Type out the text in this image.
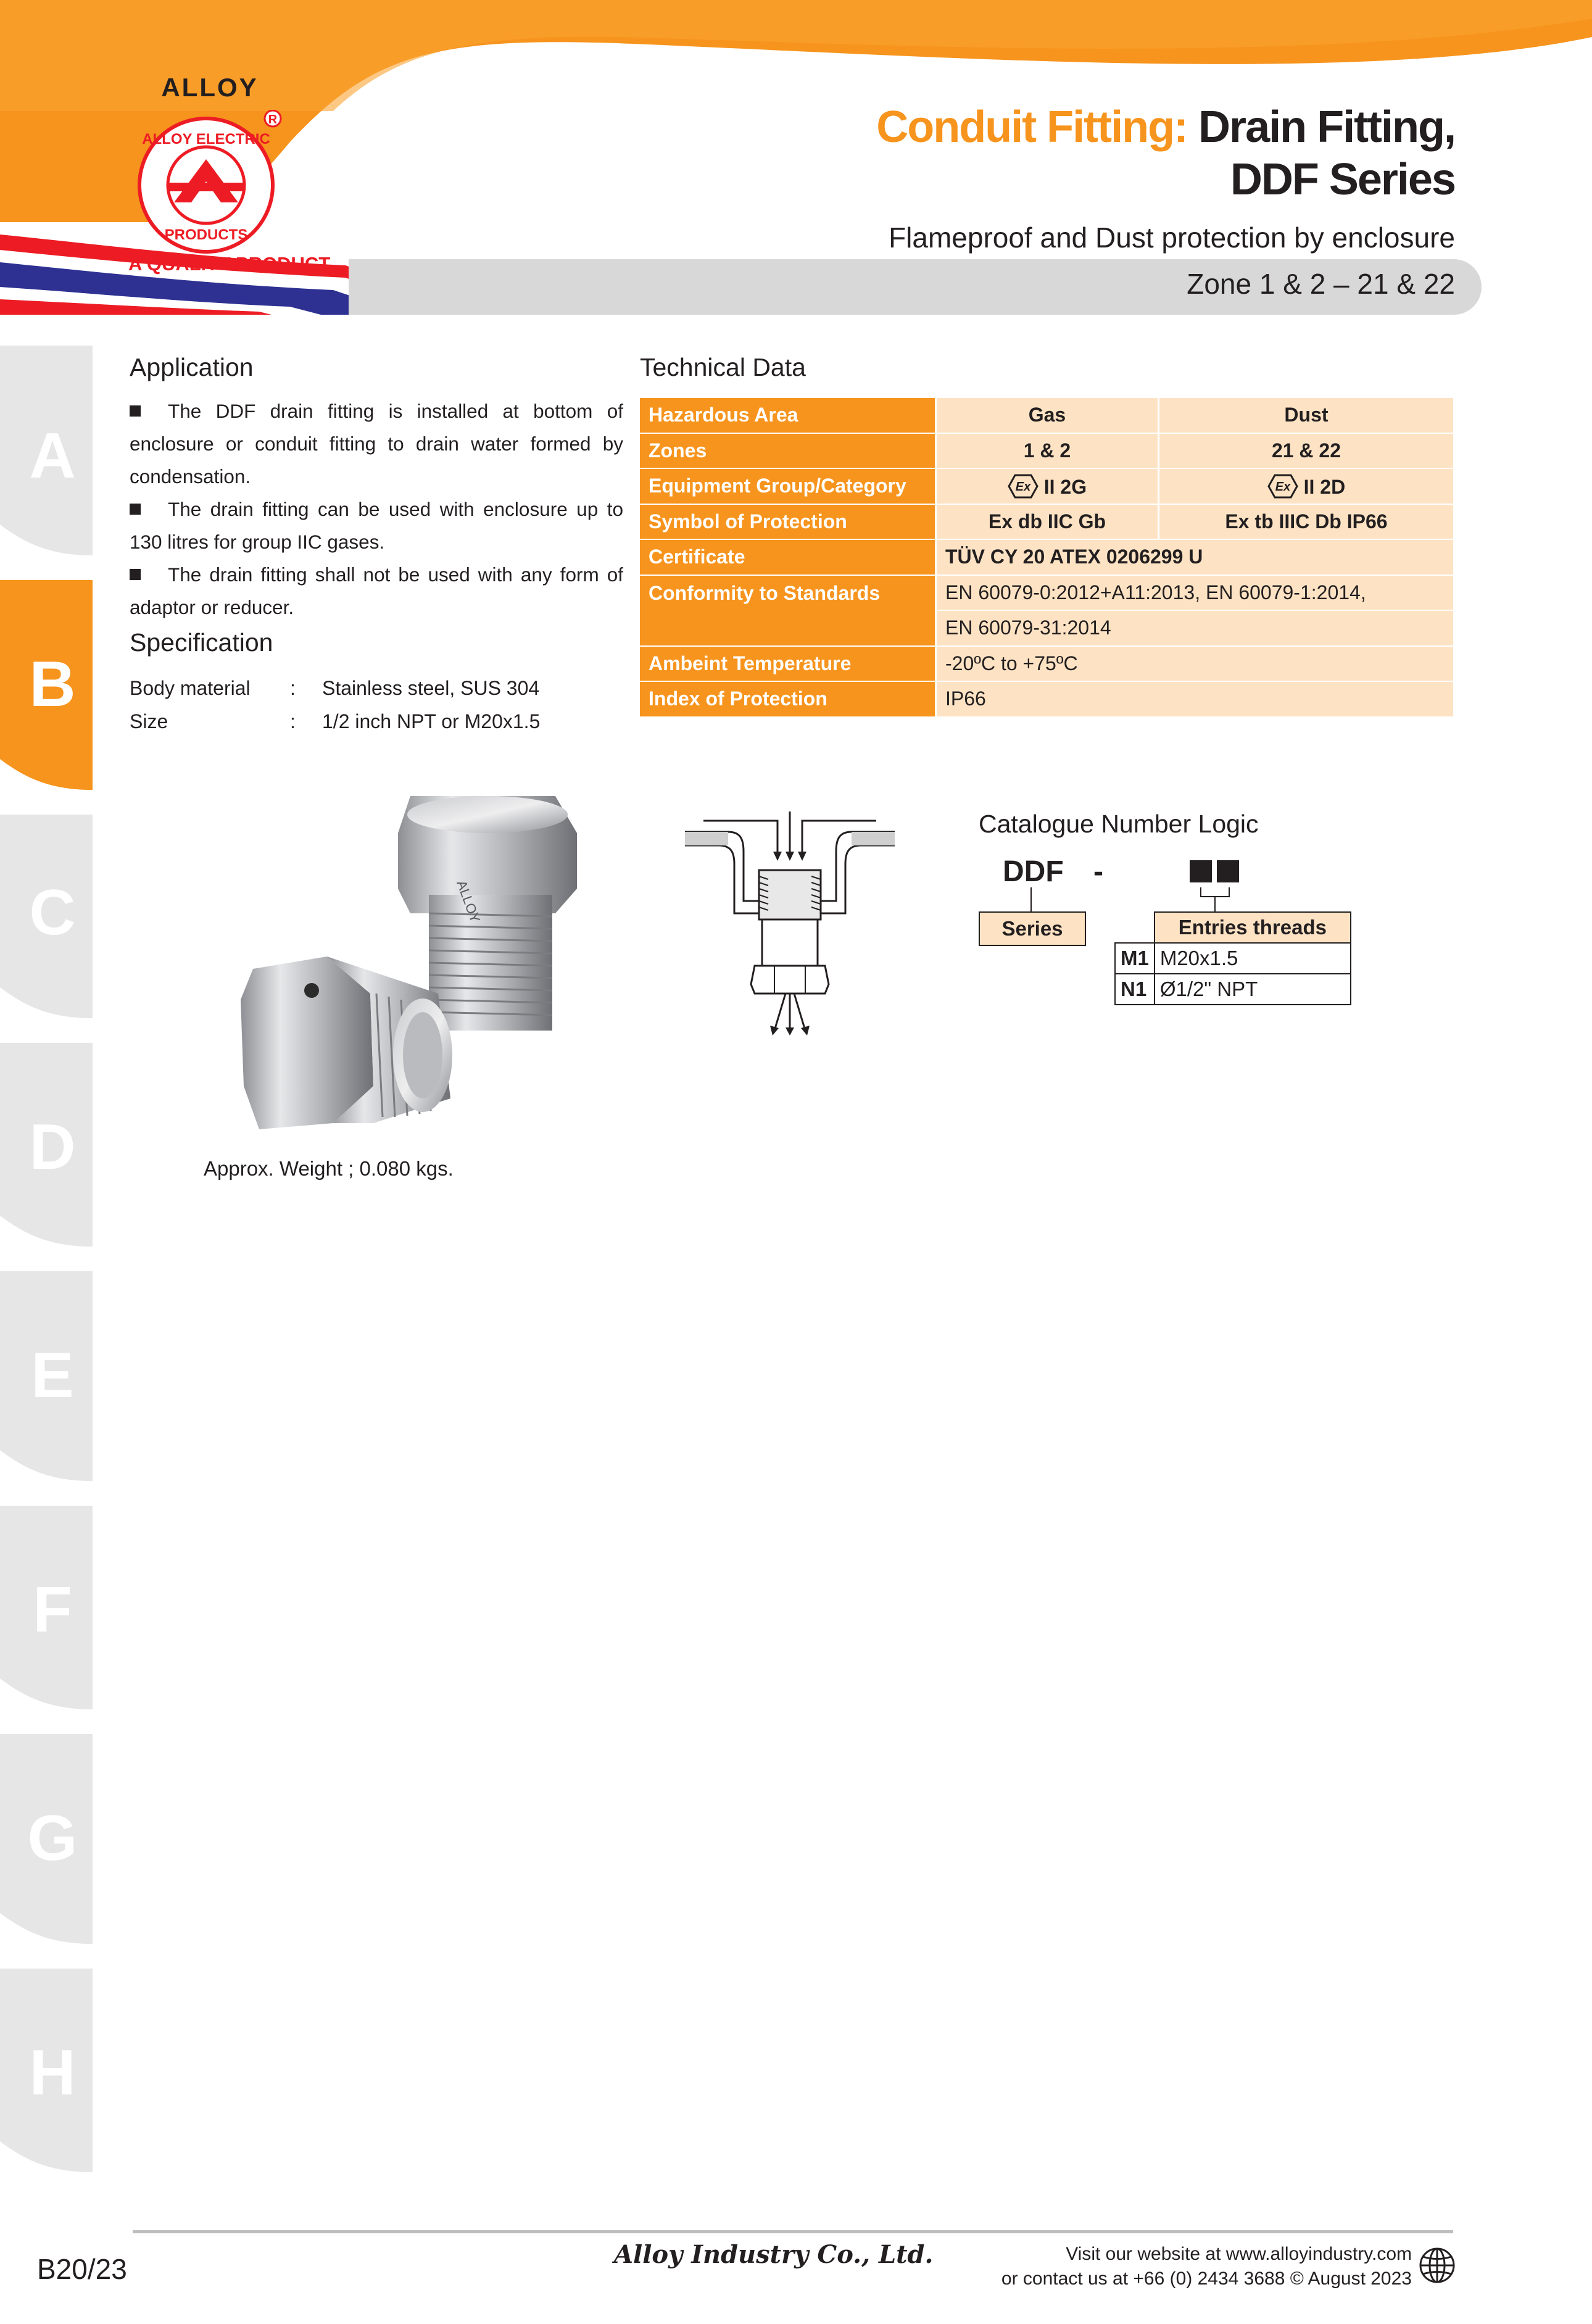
ALLOY
ALLOY ELECTRIC
PRODUCTS
R
A QUALITY PRODUCT
Conduit Fitting: Drain Fitting,
DDF Series
Flameproof and Dust protection by enclosure
Zone 1 & 2 – 21 & 22
A
B
C
D
E
F
G
H
Application
The DDF drain fitting is installed at bottom of enclosure or conduit fitting to drain water formed by condensation.
The drain fitting can be used with enclosure up to 130 litres for group IIC gases.
The drain fitting shall not be used with any form of adaptor or reducer.
Specification
Body material	:	Stainless steel, SUS 304
Size	:	1/2 inch NPT or M20x1.5
Technical Data
Hazardous Area	Gas	Dust
Zones	1 & 2	21 & 22
Equipment Group/Category	Ex II 2G	Ex II 2D
Symbol of Protection	Ex db IIC Gb	Ex tb IIIC Db IP66
Certificate	TÜV CY 20 ATEX 0206299 U	
Conformity to Standards	EN 60079-0:2012+A11:2013, EN 60079-1:2014,	
	EN 60079-31:2014	
Ambeint Temperature	-20ºC to +75ºC	
Index of Protection	IP66	
ALLOY
Approx. Weight ; 0.080 kgs.
Catalogue Number Logic
DDF -
Series
		Entries threads
M1	M20x1.5
N1	Ø1/2" NPT
B20/23	Alloy Industry Co., Ltd.	Visit our website at www.alloyindustry.com
or contact us at +66 (0) 2434 3688 © August 2023
